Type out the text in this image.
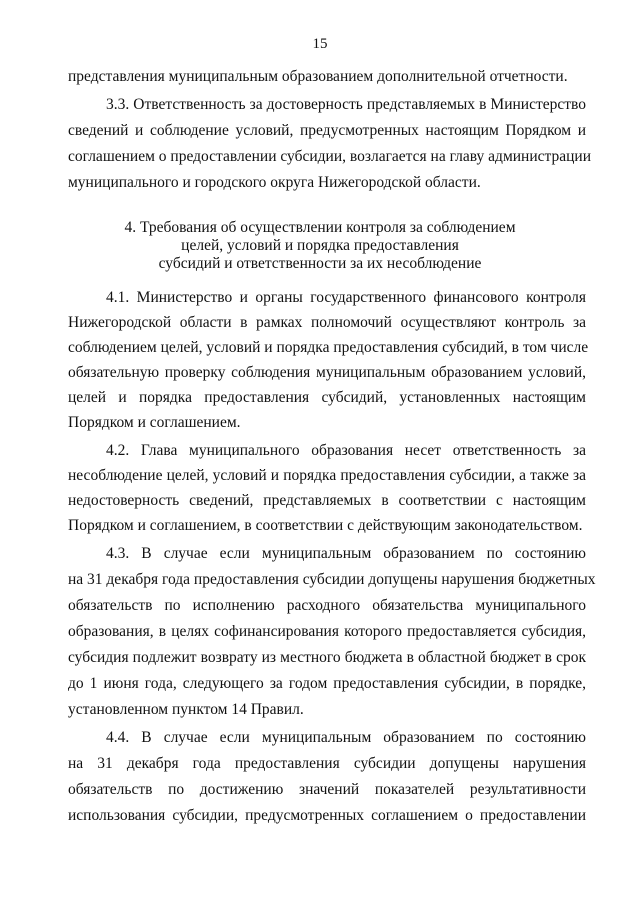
15
представления муниципальным образованием дополнительной отчетности.
3.3. Ответственность за достоверность представляемых в Министерство
сведений и соблюдение условий, предусмотренных настоящим Порядком и
соглашением о предоставлении субсидии, возлагается на главу администрации
муниципального и городского округа Нижегородской области.
4. Требования об осуществлении контроля за соблюдением
целей, условий и порядка предоставления
субсидий и ответственности за их несоблюдение
4.1. Министерство и органы государственного финансового контроля
Нижегородской области в рамках полномочий осуществляют контроль за
соблюдением целей, условий и порядка предоставления субсидий, в том числе
обязательную проверку соблюдения муниципальным образованием условий,
целей и порядка предоставления субсидий, установленных настоящим
Порядком и соглашением.
4.2. Глава муниципального образования несет ответственность за
несоблюдение целей, условий и порядка предоставления субсидии, а также за
недостоверность сведений, представляемых в соответствии с настоящим
Порядком и соглашением, в соответствии с действующим законодательством.
4.3. В случае если муниципальным образованием по состоянию
на 31 декабря года предоставления субсидии допущены нарушения бюджетных
обязательств по исполнению расходного обязательства муниципального
образования, в целях софинансирования которого предоставляется субсидия,
субсидия подлежит возврату из местного бюджета в областной бюджет в срок
до 1 июня года, следующего за годом предоставления субсидии, в порядке,
установленном пунктом 14 Правил.
4.4. В случае если муниципальным образованием по состоянию
на 31 декабря года предоставления субсидии допущены нарушения
обязательств по достижению значений показателей результативности
использования субсидии, предусмотренных соглашением о предоставлении
